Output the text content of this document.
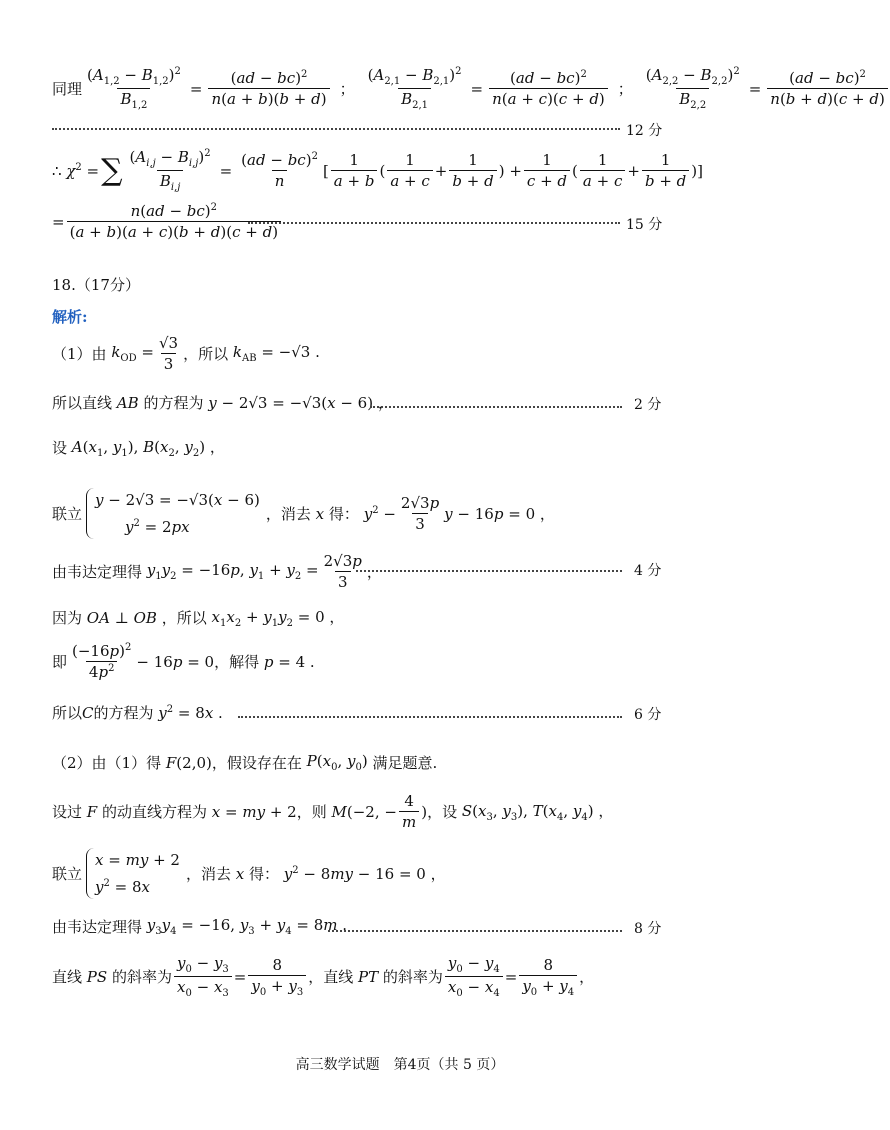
同理 $\frac{(A_{1,2} - B_{1,2})^2}{B_{1,2}} = \frac{(ad - bc)^2}{n(a + b)(b + d)}$ ； $\frac{(A_{2,1} - B_{2,1})^2}{B_{2,1}} = \frac{(ad - bc)^2}{n(a + c)(c + d)}$ ； $\frac{(A_{2,2} - B_{2,2})^2}{B_{2,2}} = \frac{(ad - bc)^2}{n(b + d)(c + d)}$
12 分
∴ $\chi^2$ = ∑ $\frac{(A_{i,j} - B_{i,j})^2}{B_{i,j}} = \frac{(ad - bc)^2}{n}$ [ $\frac{1}{a + b}$ ( $\frac{1}{a + c} + \frac{1}{b + d}$ ) + $\frac{1}{c + d}$ ( $\frac{1}{a + c} + \frac{1}{b + d}$ )]
= $\frac{n(ad - bc)^2}{(a + b)(a + c)(b + d)(c + d)}$	15 分
18.（17分）
解析:
（1）由 $k_{OD} = \frac{√3}{3}$ ，所以 $k_{AB} = -√3$ .
所以直线 AB 的方程为 y − 2√3 = −√3(x − 6) ，	2 分
设 $A(x_1$, $y_1$), $B(x_2$, $y_2$) ，
联立
y − 2√3 = −√3(x − 6)
$y^2 = 2px$
，消去 x 得： $y^2 - \frac{2√3p}{3}$ y − 16p = 0 ，
由韦达定理得 $y_1y_2 = -16p$, $y_1 + y_2 = \frac{2√3p}{3}$ ，	4 分
因为 OA ⊥ OB ，所以 $x_1x_2 + y_1y_2 = 0$ ，
即 $\frac{(-16p)^2}{4p^2} - 16p = 0$ ，解得 p = 4 .
所以 C 的方程为 $y^2 = 8x$ .	6 分
（2）由（1）得 F(2,0) ，假设存在在 $P(x_0$, $y_0$) 满足题意.
设过 F 的动直线方程为 x = my + 2 ，则 M(−2, − $\frac{4}{m}$ ) ，设 $S(x_3$, $y_3$), $T(x_4$, $y_4$) ，
联立
x = my + 2
$y^2 = 8x$
，消去 x 得： $y^2 - 8my - 16 = 0$ ，
由韦达定理得 $y_3y_4 = -16$, $y_3 + y_4 = 8m$ .	8 分
直线 PS 的斜率为 $\frac{y_0 - y_3}{x_0 - x_3} = \frac{8}{y_0 + y_3}$ ，直线 PT 的斜率为 $\frac{y_0 - y_4}{x_0 - x_4} = \frac{8}{y_0 + y_4}$ ，
高三数学试题　第4页（共 5 页）
